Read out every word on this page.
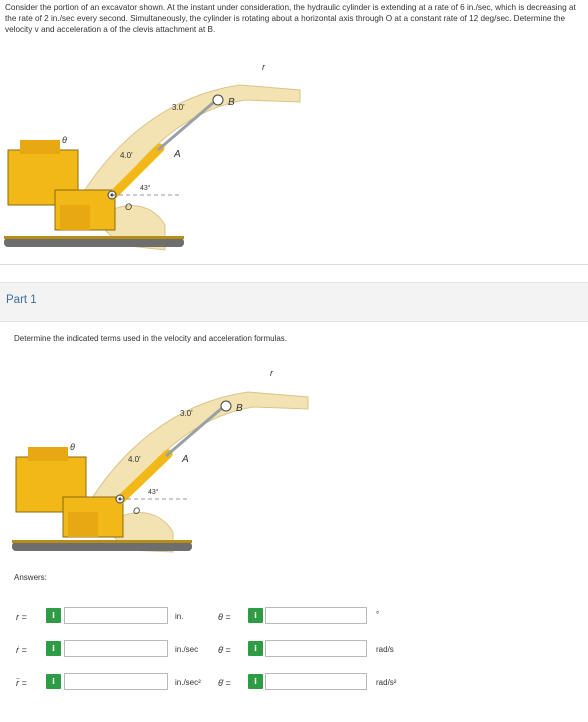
Consider the portion of an excavator shown. At the instant under consideration, the hydraulic cylinder is extending at a rate of 6 in./sec, which is decreasing at the rate of 2 in./sec every second. Simultaneously, the cylinder is rotating about a horizontal axis through O at a constant rate of 12 deg/sec. Determine the velocity v and acceleration a of the clevis attachment at B.
r
B
A
3.0'
4.0'
43°
O
θ
Part 1
Determine the indicated terms used in the velocity and acceleration formulas.
r
B
A
3.0'
4.0'
43°
O
θ
Answers:
r =	i	in.	θ =	i	°
ṙ =	i	in./sec θ̇ =	i	rad/s
r̈ =	i	in./sec² θ̈ =	i	rad/s²
